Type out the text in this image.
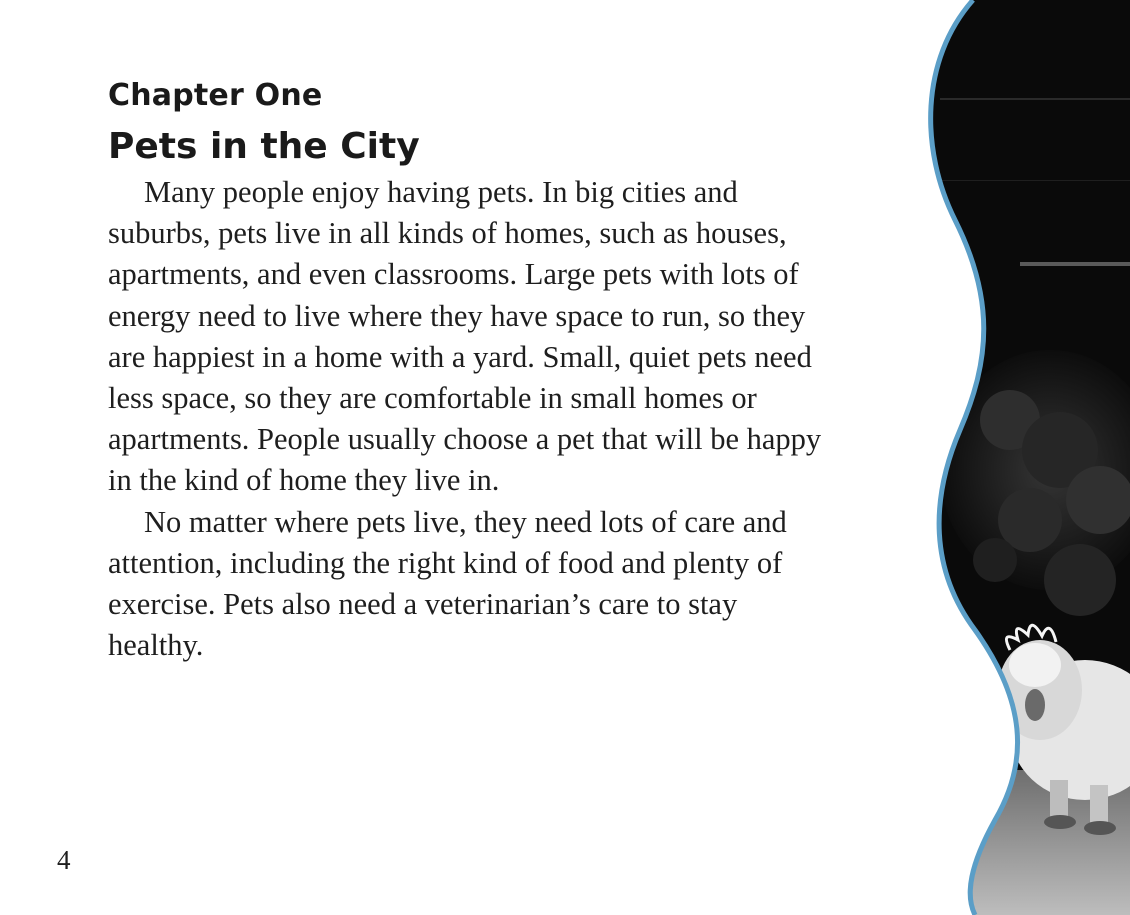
Chapter One
Pets in the City

Many people enjoy having pets. In big cities and suburbs, pets live in all kinds of homes, such as houses, apartments, and even classrooms. Large pets with lots of energy need to live where they have space to run, so they are happiest in a home with a yard. Small, quiet pets need less space, so they are comfortable in small homes or apartments. People usually choose a pet that will be happy in the kind of home they live in.

No matter where pets live, they need lots of care and attention, including the right kind of food and plenty of exercise. Pets also need a veterinarian’s care to stay healthy.

4
